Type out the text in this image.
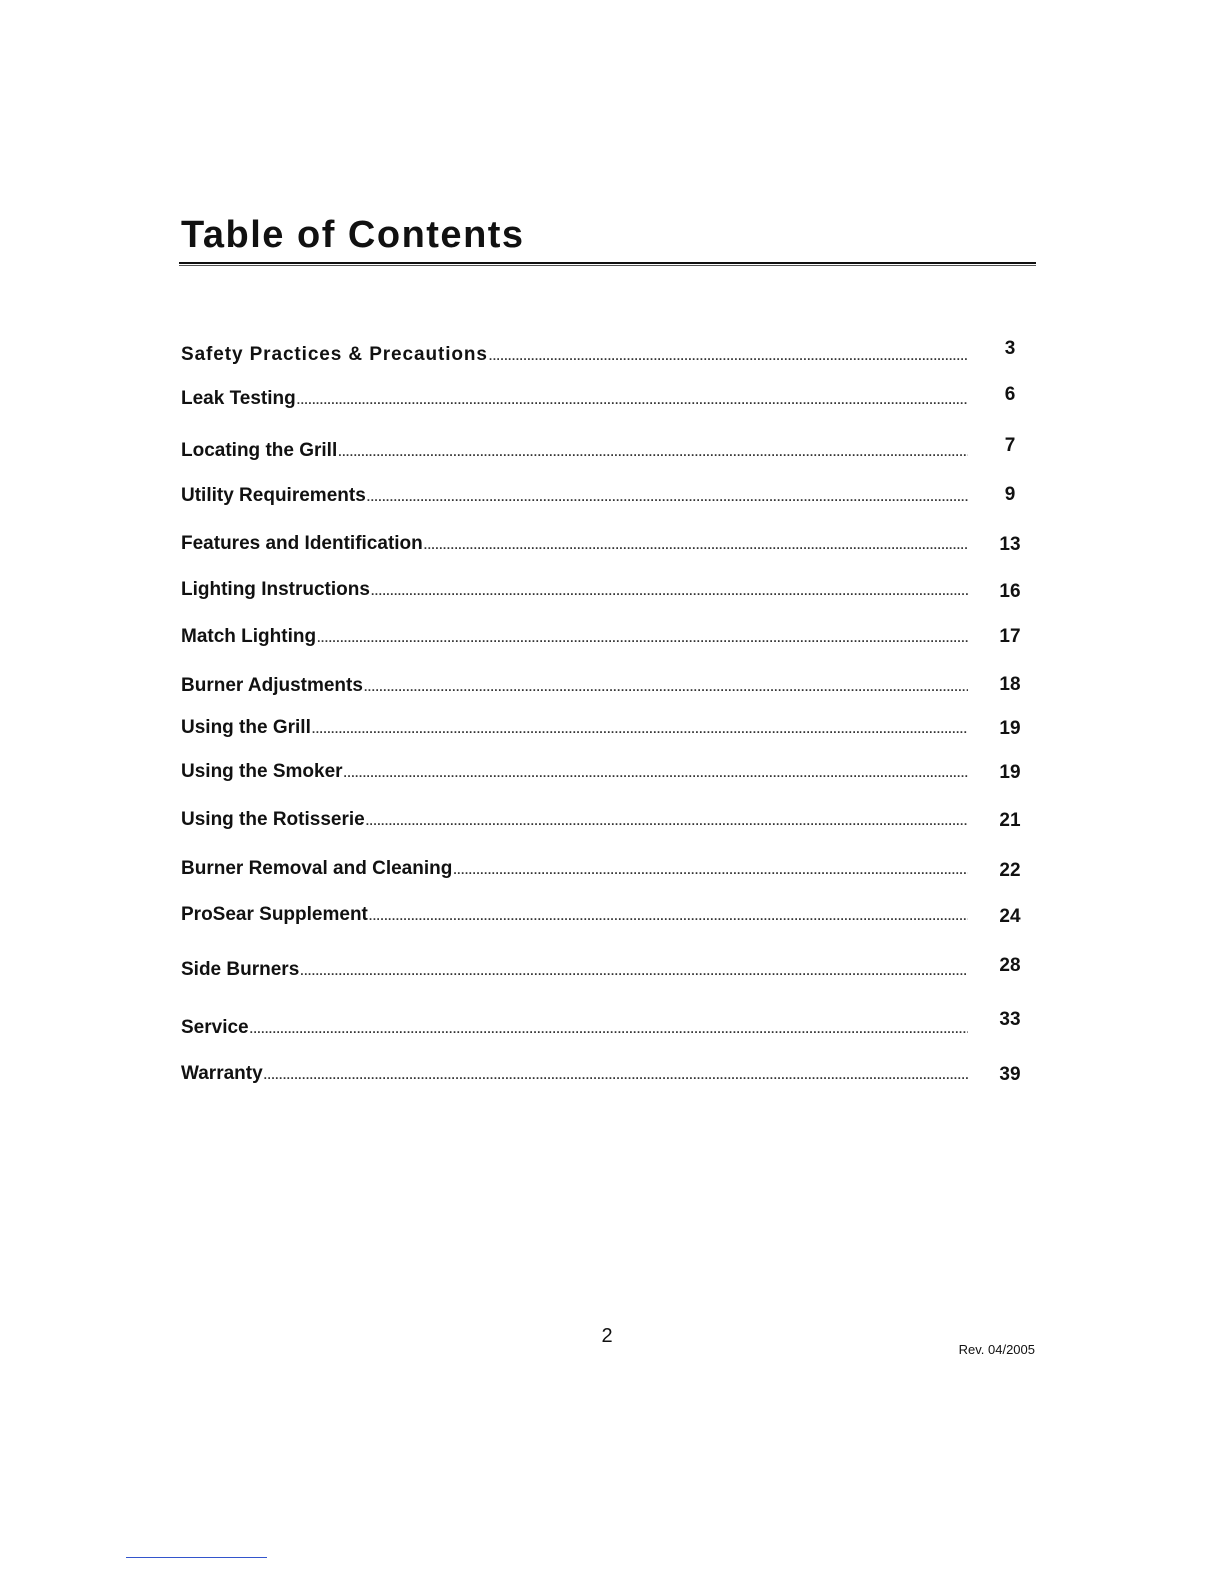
Table of Contents
Safety Practices & Precautions .....	3
Leak Testing .....	6
Locating the Grill .....	7
Utility Requirements .....	9
Features and Identification .....	13
Lighting Instructions .....	16
Match Lighting .....	17
Burner Adjustments .....	18
Using the Grill .....	19
Using the Smoker .....	19
Using the Rotisserie .....	21
Burner Removal and Cleaning .....	22
ProSear Supplement .....	24
Side Burners .....	28
Service .....	33
Warranty .....	39
2
Rev. 04/2005
